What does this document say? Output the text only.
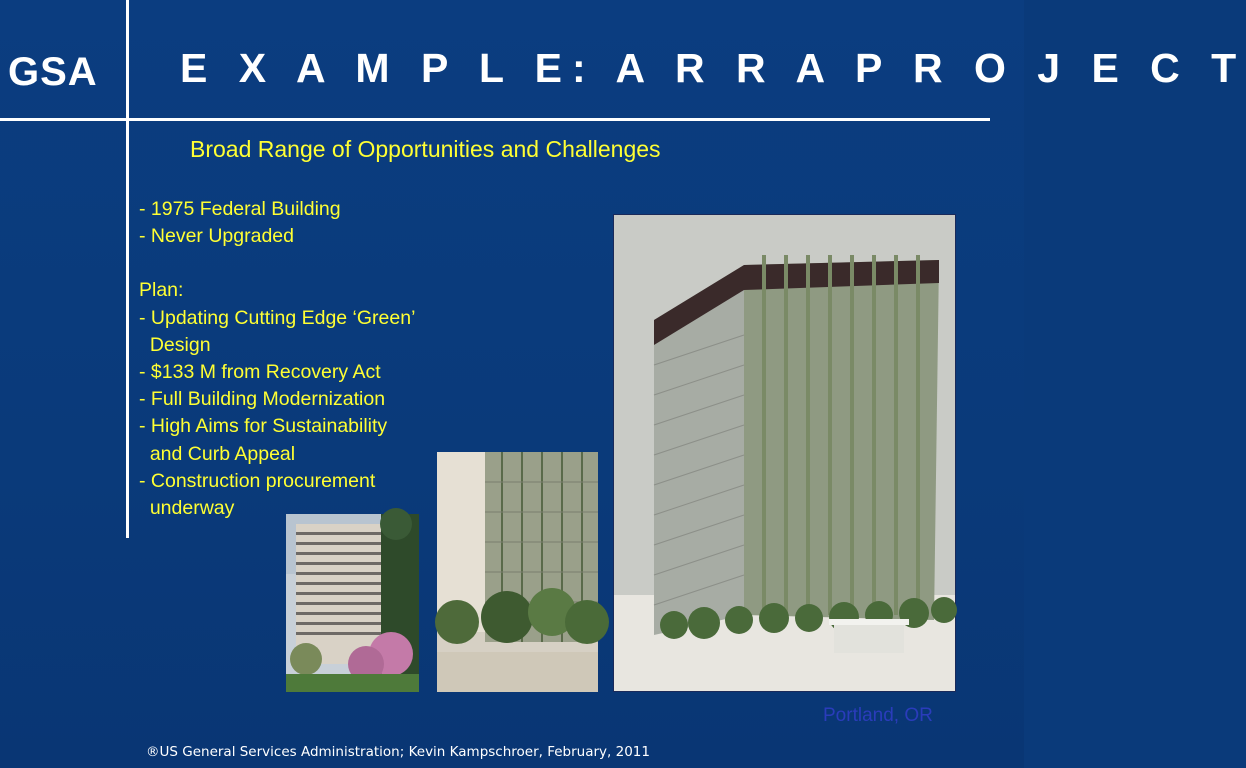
GSA E X A M P L E: A R R A P R O J E C T
Broad Range of Opportunities and Challenges
- 1975 Federal Building
- Never Upgraded
Plan:
- Updating Cutting Edge ‘Green’
Design
- $133 M from Recovery Act
- Full Building Modernization
- High Aims for Sustainability
and Curb Appeal
- Construction procurement
underway
Portland, OR
®US General Services Administration; Kevin Kampschroer, February, 2011
